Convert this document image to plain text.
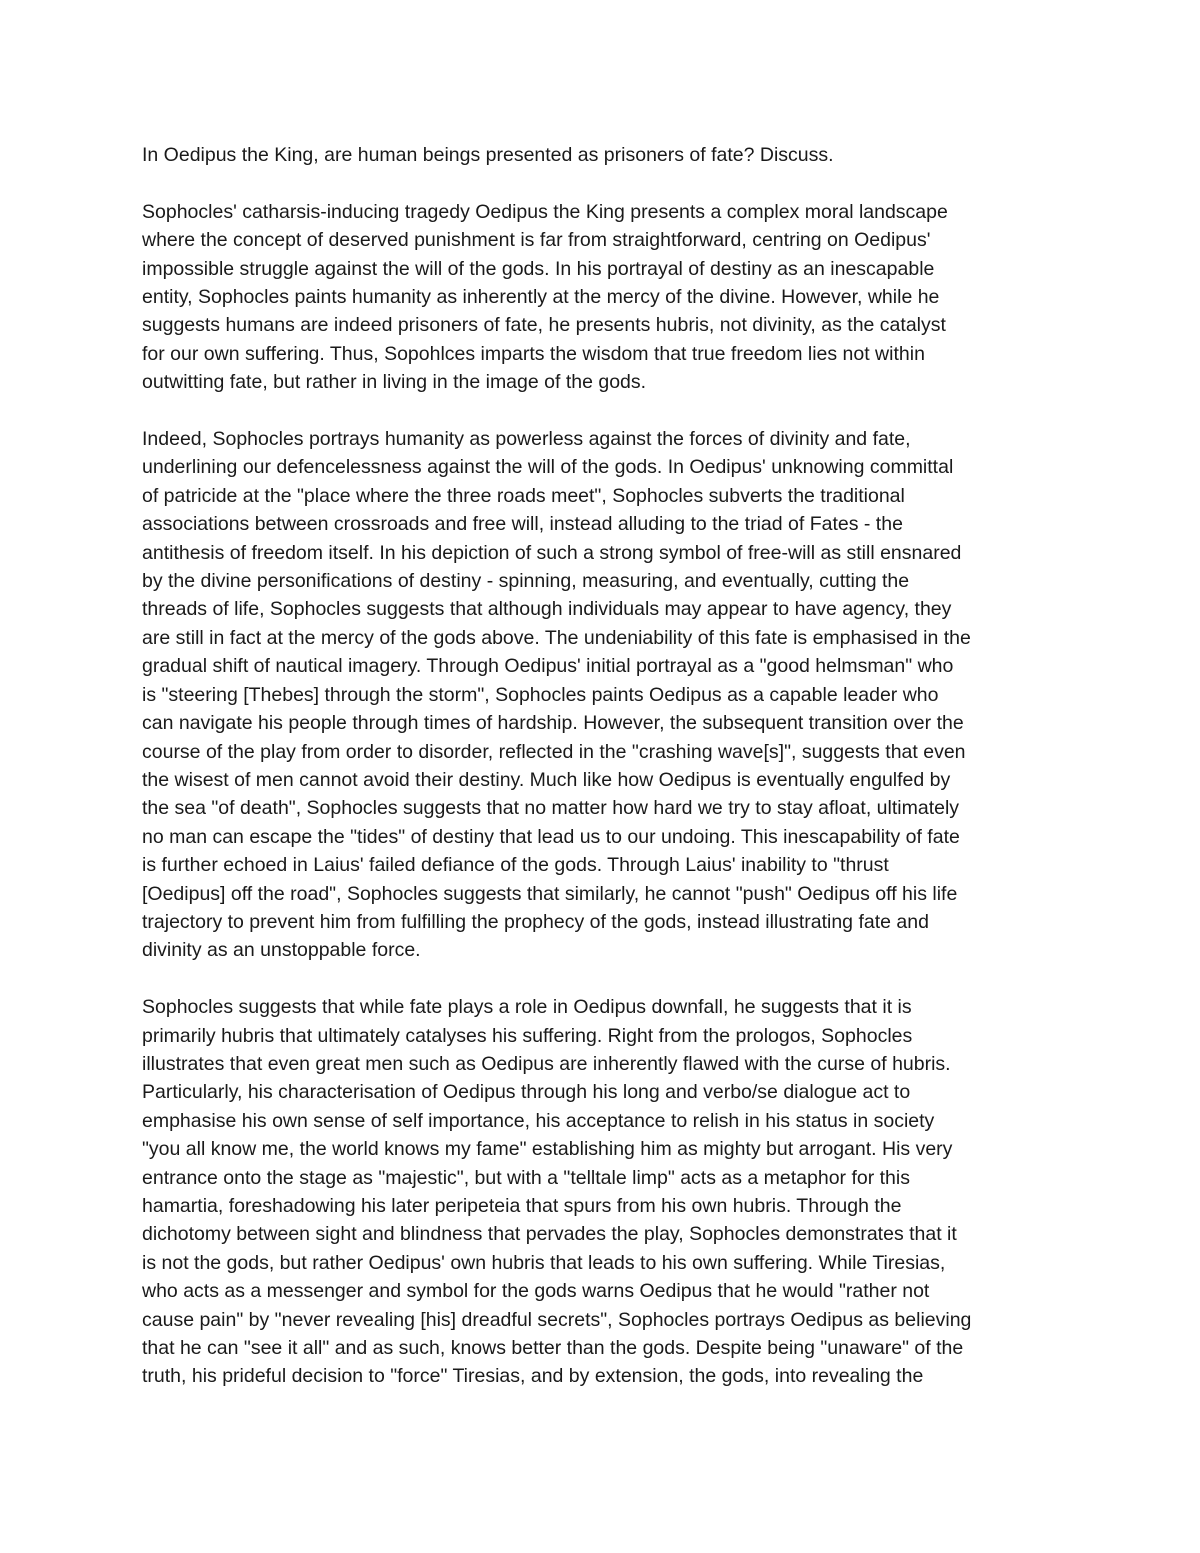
In Oedipus the King, are human beings presented as prisoners of fate? Discuss.

Sophocles' catharsis-inducing tragedy Oedipus the King presents a complex moral landscape
where the concept of deserved punishment is far from straightforward, centring on Oedipus'
impossible struggle against the will of the gods. In his portrayal of destiny as an inescapable
entity, Sophocles paints humanity as inherently at the mercy of the divine. However, while he
suggests humans are indeed prisoners of fate, he presents hubris, not divinity, as the catalyst
for our own suffering. Thus, Sopohlces imparts the wisdom that true freedom lies not within
outwitting fate, but rather in living in the image of the gods.

Indeed, Sophocles portrays humanity as powerless against the forces of divinity and fate,
underlining our defencelessness against the will of the gods. In Oedipus' unknowing committal
of patricide at the "place where the three roads meet", Sophocles subverts the traditional
associations between crossroads and free will, instead alluding to the triad of Fates - the
antithesis of freedom itself. In his depiction of such a strong symbol of free-will as still ensnared
by the divine personifications of destiny - spinning, measuring, and eventually, cutting the
threads of life, Sophocles suggests that although individuals may appear to have agency, they
are still in fact at the mercy of the gods above. The undeniability of this fate is emphasised in the
gradual shift of nautical imagery. Through Oedipus' initial portrayal as a "good helmsman" who
is "steering [Thebes] through the storm", Sophocles paints Oedipus as a capable leader who
can navigate his people through times of hardship. However, the subsequent transition over the
course of the play from order to disorder, reflected in the "crashing wave[s]", suggests that even
the wisest of men cannot avoid their destiny. Much like how Oedipus is eventually engulfed by
the sea "of death", Sophocles suggests that no matter how hard we try to stay afloat, ultimately
no man can escape the "tides" of destiny that lead us to our undoing. This inescapability of fate
is further echoed in Laius' failed defiance of the gods. Through Laius' inability to "thrust
[Oedipus] off the road", Sophocles suggests that similarly, he cannot "push" Oedipus off his life
trajectory to prevent him from fulfilling the prophecy of the gods, instead illustrating fate and
divinity as an unstoppable force.

Sophocles suggests that while fate plays a role in Oedipus downfall, he suggests that it is
primarily hubris that ultimately catalyses his suffering. Right from the prologos, Sophocles
illustrates that even great men such as Oedipus are inherently flawed with the curse of hubris.
Particularly, his characterisation of Oedipus through his long and verbo/se dialogue act to
emphasise his own sense of self importance, his acceptance to relish in his status in society
"you all know me, the world knows my fame" establishing him as mighty but arrogant. His very
entrance onto the stage as "majestic", but with a "telltale limp" acts as a metaphor for this
hamartia, foreshadowing his later peripeteia that spurs from his own hubris. Through the
dichotomy between sight and blindness that pervades the play, Sophocles demonstrates that it
is not the gods, but rather Oedipus' own hubris that leads to his own suffering. While Tiresias,
who acts as a messenger and symbol for the gods warns Oedipus that he would "rather not
cause pain" by "never revealing [his] dreadful secrets", Sophocles portrays Oedipus as believing
that he can "see it all" and as such, knows better than the gods. Despite being "unaware" of the
truth, his prideful decision to "force" Tiresias, and by extension, the gods, into revealing the
